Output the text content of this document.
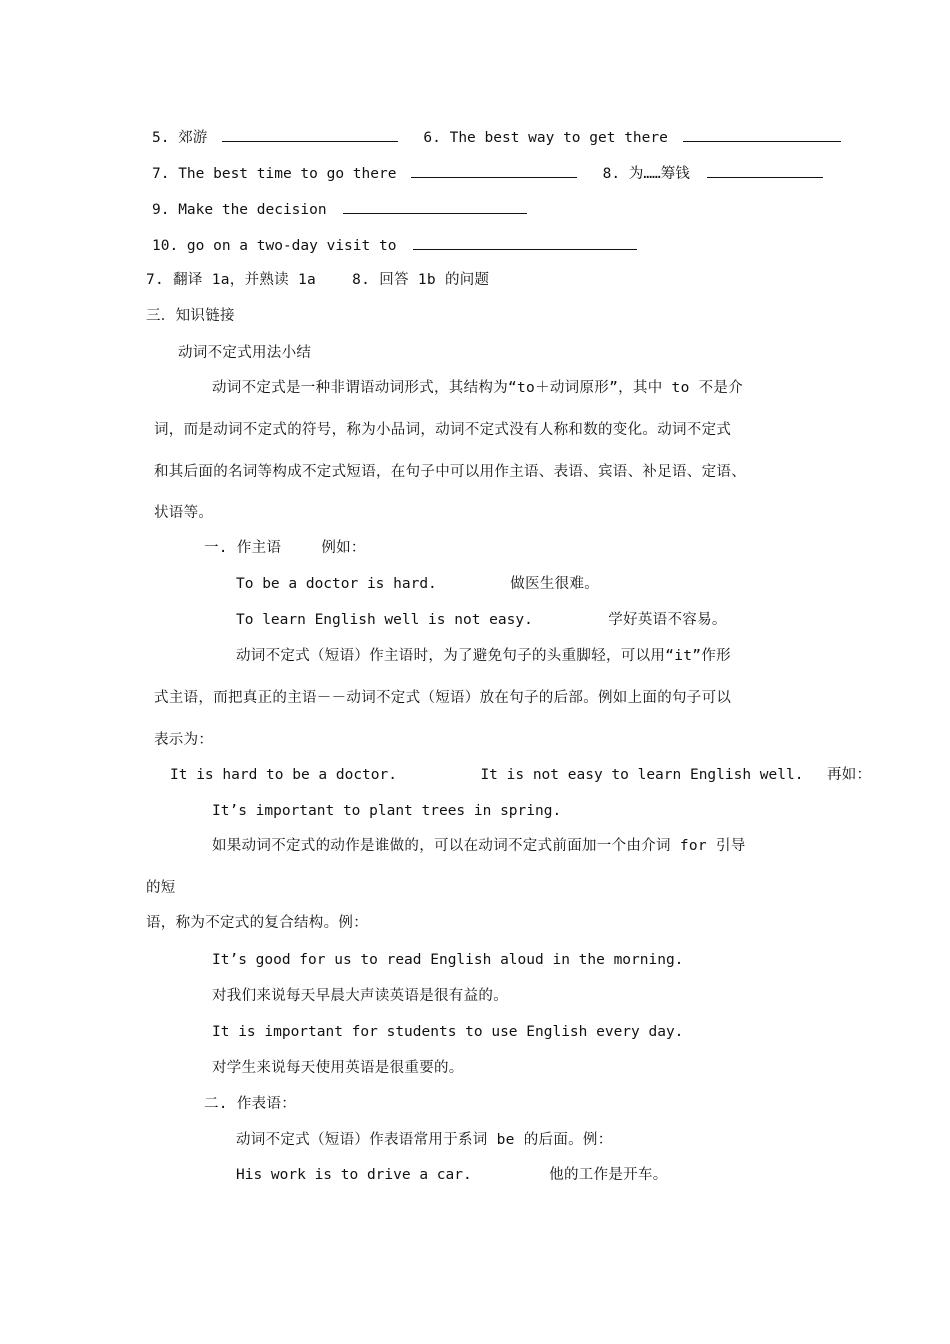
5. 郊游	6. The best way to get there
7. The best time to go there	8. 为……筹钱
9. Make the decision
10. go on a two-day visit to
7. 翻译 1a，并熟读 1a 8. 回答 1b 的问题
三．知识链接
动词不定式用法小结
动词不定式是一种非谓语动词形式，其结构为“to＋动词原形”，其中 to 不是介
词，而是动词不定式的符号，称为小品词，动词不定式没有人称和数的变化。动词不定式
和其后面的名词等构成不定式短语，在句子中可以用作主语、表语、宾语、补足语、定语、
状语等。
一. 作主语	例如：
To be a doctor is hard.	做医生很难。
To learn English well is not easy.	学好英语不容易。
动词不定式（短语）作主语时，为了避免句子的头重脚轻，可以用“it”作形
式主语，而把真正的主语－－动词不定式（短语）放在句子的后部。例如上面的句子可以
表示为：
It is hard to be a doctor.	It is not easy to learn English well. 再如：
It’s important to plant trees in spring.
如果动词不定式的动作是谁做的，可以在动词不定式前面加一个由介词 for 引导
的短
语，称为不定式的复合结构。例：
It’s good for us to read English aloud in the morning.
对我们来说每天早晨大声读英语是很有益的。
It is important for students to use English every day.
对学生来说每天使用英语是很重要的。
二. 作表语：
动词不定式（短语）作表语常用于系词 be 的后面。例：
His work is to drive a car.	他的工作是开车。
